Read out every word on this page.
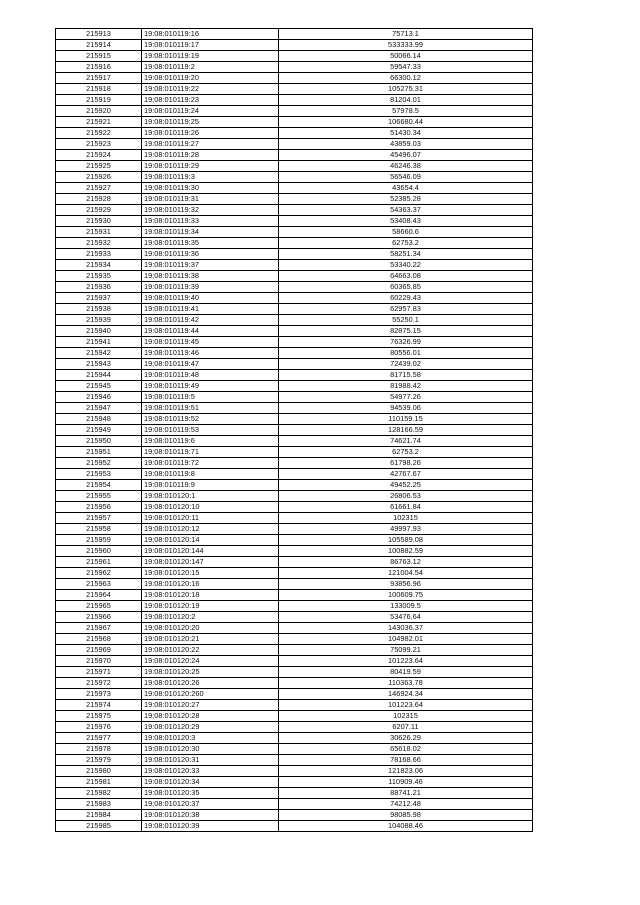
215913	19:08:010119:16	75713.1
215914	19:08:010119:17	533333.99
215915	19:08:010119:19	50066.14
215916	19:08:010119:2	59547.33
215917	19:08:010119:20	66300.12
215918	19:08:010119:22	105275.31
215919	19:08:010119:23	81204.01
215920	19:08:010119:24	57978.5
215921	19:08:010119:25	106680.44
215922	19:08:010119:26	51430.34
215923	19:08:010119:27	43859.03
215924	19:08:010119:28	45496.07
215925	19:08:010119:29	46246.38
215926	19:08:010119:3	56546.09
215927	19:08:010119:30	43654.4
215928	19:08:010119:31	52385.28
215929	19:08:010119:32	54363.37
215930	19:08:010119:33	53408.43
215931	19:08:010119:34	58660.6
215932	19:08:010119:35	62753.2
215933	19:08:010119:36	58251.34
215934	19:08:010119:37	53340.22
215935	19:08:010119:38	64663.08
215936	19:08:010119:39	60365.85
215937	19:08:010119:40	60229.43
215938	19:08:010119:41	62957.83
215939	19:08:010119:42	55250.1
215940	19:08:010119:44	82875.15
215941	19:08:010119:45	76326.99
215942	19:08:010119:46	80556.01
215943	19:08:010119:47	72439.02
215944	19:08:010119:48	81715.58
215945	19:08:010119:49	81988.42
215946	19:08:010119:5	54977.26
215947	19:08:010119:51	94539.06
215948	19:08:010119:52	110159.15
215949	19:08:010119:53	128166.59
215950	19:08:010119:6	74621.74
215951	19:08:010119:71	62753.2
215952	19:08:010119:72	61798.26
215953	19:08:010119:8	42767.67
215954	19:08:010119:9	49452.25
215955	19:08:010120:1	26806.53
215956	19:08:010120:10	61661.84
215957	19:08:010120:11	102315
215958	19:08:010120:12	49997.93
215959	19:08:010120:14	105589.08
215960	19:08:010120:144	100882.59
215961	19:08:010120:147	86763.12
215962	19:08:010120:15	121004.54
215963	19:08:010120:16	93856.96
215964	19:08:010120:18	100609.75
215965	19:08:010120:19	133009.5
215966	19:08:010120:2	53476.64
215967	19:08:010120:20	143036.37
215968	19:08:010120:21	104982.01
215969	19:08:010120:22	75099.21
215970	19:08:010120:24	101223.64
215971	19:08:010120:25	80419.59
215972	19:08:010120:26	110363.78
215973	19:08:010120:260	146924.34
215974	19:08:010120:27	101223.64
215975	19:08:010120:28	102315
215976	19:08:010120:29	6207.11
215977	19:08:010120:3	30626.29
215978	19:08:010120:30	65618.02
215979	19:08:010120:31	78168.66
215980	19:08:010120:33	121823.06
215981	19:08:010120:34	110909.46
215982	19:08:010120:35	88741.21
215983	19:08:010120:37	74212.48
215984	19:08:010120:38	98085.98
215985	19:08:010120:39	104088.46
